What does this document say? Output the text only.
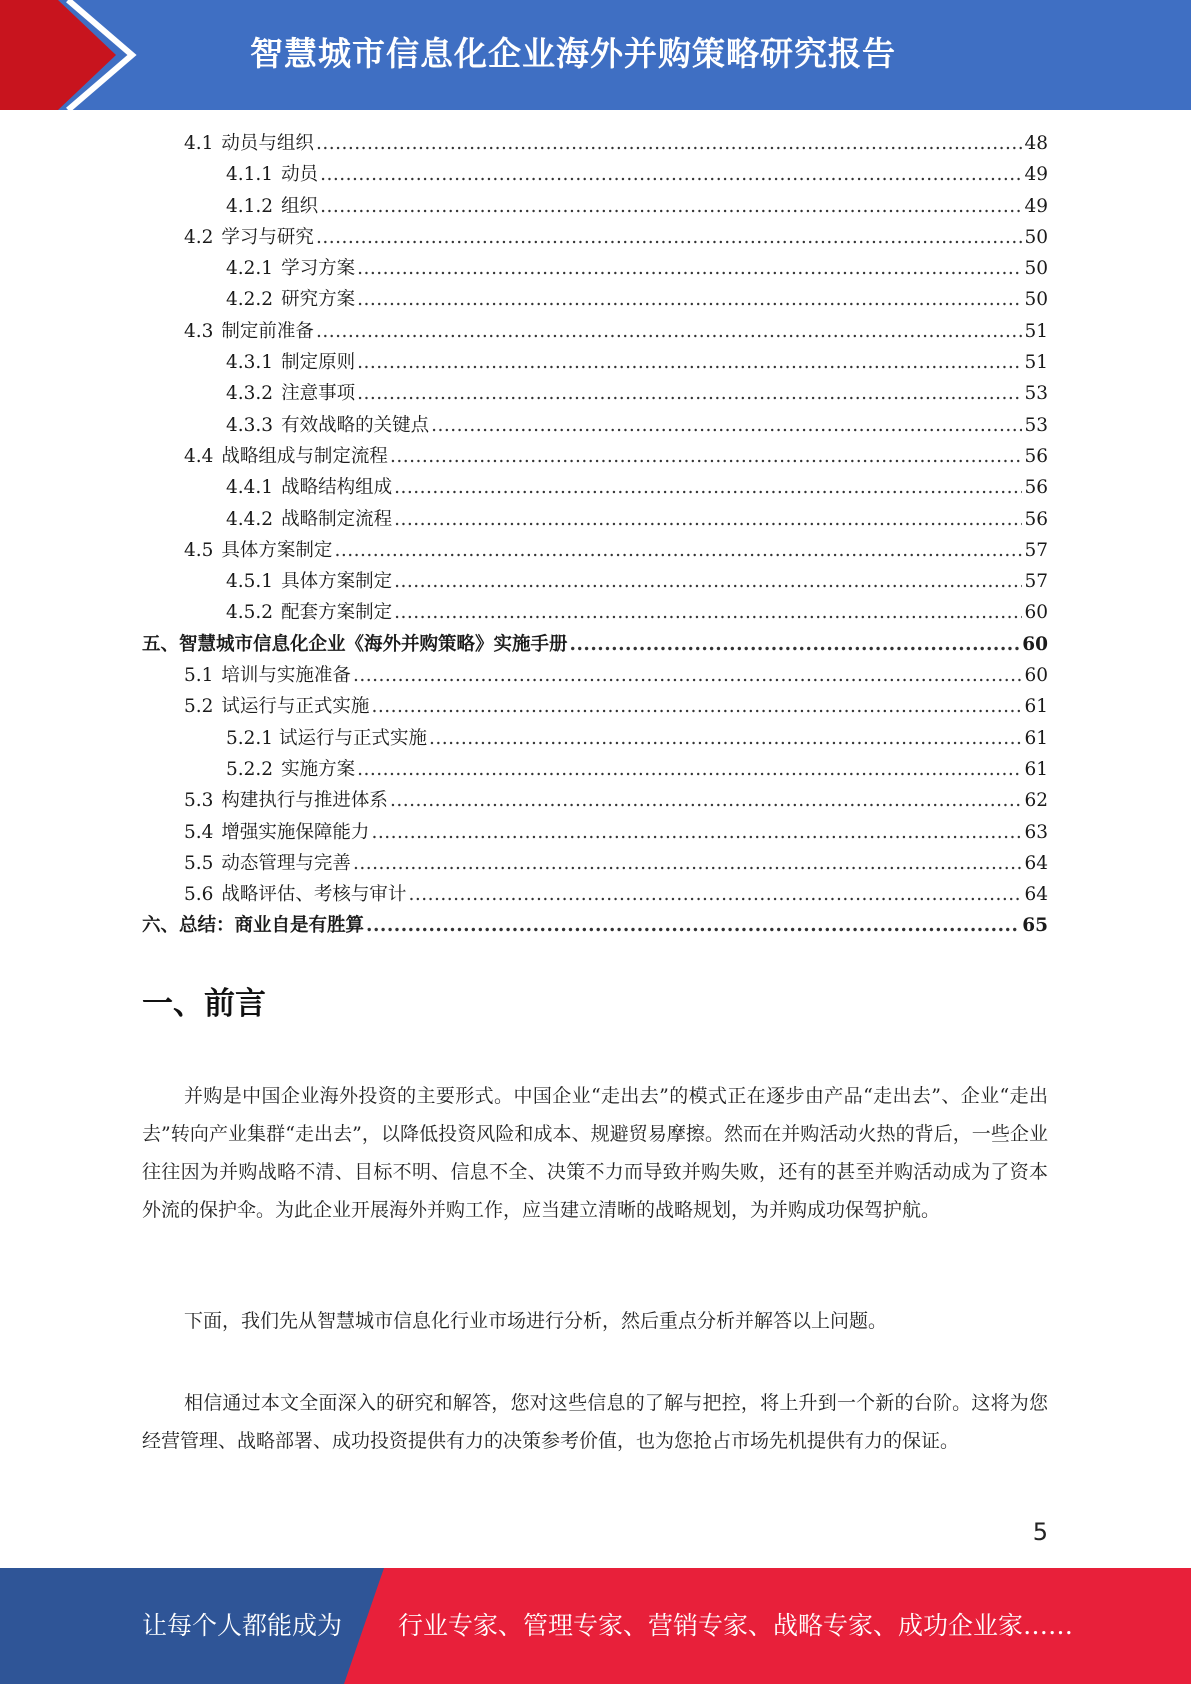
智慧城市信息化企业海外并购策略研究报告
4.1 动员与组织 .....	48
4.1.1 动员 .....	49
4.1.2 组织 .....	49
4.2 学习与研究 .....	50
4.2.1 学习方案 .....	50
4.2.2 研究方案 .....	50
4.3 制定前准备 .....	51
4.3.1 制定原则 .....	51
4.3.2 注意事项 .....	53
4.3.3 有效战略的关键点 .....	53
4.4 战略组成与制定流程 .....	56
4.4.1 战略结构组成 .....	56
4.4.2 战略制定流程 .....	56
4.5 具体方案制定 .....	57
4.5.1 具体方案制定 .....	57
4.5.2 配套方案制定 .....	60
五、智慧城市信息化企业《海外并购策略》实施手册 .....	60
5.1 培训与实施准备 .....	60
5.2 试运行与正式实施 .....	61
5.2.1 试运行与正式实施 .....	61
5.2.2 实施方案 .....	61
5.3 构建执行与推进体系 .....	62
5.4 增强实施保障能力 .....	63
5.5 动态管理与完善 .....	64
5.6 战略评估、考核与审计 .....	64
六、总结：商业自是有胜算 .....	65
一、前言

并购是中国企业海外投资的主要形式。中国企业“走出去”的模式正在逐步由产品“走出去”、企业“走出去”转向产业集群“走出去”，以降低投资风险和成本、规避贸易摩擦。然而在并购活动火热的背后，一些企业往往因为并购战略不清、目标不明、信息不全、决策不力而导致并购失败，还有的甚至并购活动成为了资本外流的保护伞。为此企业开展海外并购工作，应当建立清晰的战略规划，为并购成功保驾护航。

下面，我们先从智慧城市信息化行业市场进行分析，然后重点分析并解答以上问题。

相信通过本文全面深入的研究和解答，您对这些信息的了解与把控，将上升到一个新的台阶。这将为您经营管理、战略部署、成功投资提供有力的决策参考价值，也为您抢占市场先机提供有力的保证。

5
让每个人都能成为 行业专家、管理专家、营销专家、战略专家、成功企业家……
